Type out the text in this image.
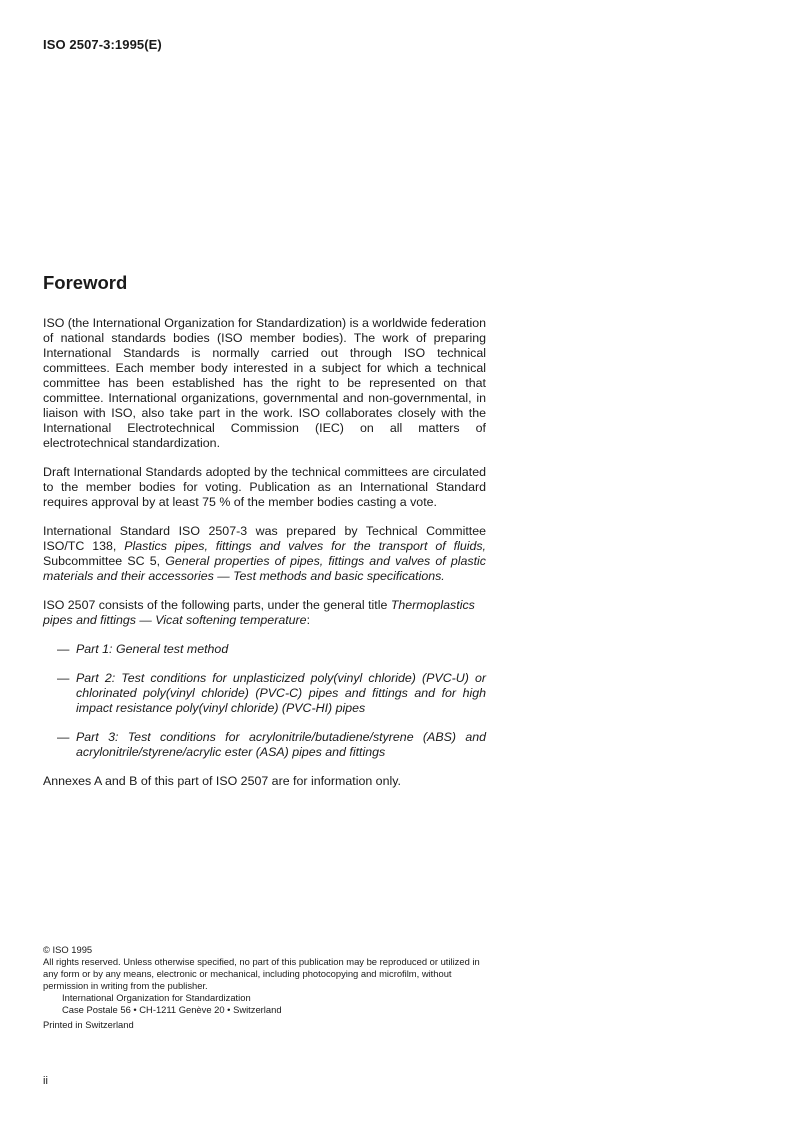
ISO 2507-3:1995(E)
Foreword

ISO (the International Organization for Standardization) is a worldwide federation of national standards bodies (ISO member bodies). The work of preparing International Standards is normally carried out through ISO technical committees. Each member body interested in a subject for which a technical committee has been established has the right to be represented on that committee. International organizations, governmental and non-governmental, in liaison with ISO, also take part in the work. ISO collaborates closely with the International Electrotechnical Commission (IEC) on all matters of electrotechnical standardization.

Draft International Standards adopted by the technical committees are circulated to the member bodies for voting. Publication as an International Standard requires approval by at least 75 % of the member bodies casting a vote.

International Standard ISO 2507-3 was prepared by Technical Committee ISO/TC 138, Plastics pipes, fittings and valves for the transport of fluids, Subcommittee SC 5, General properties of pipes, fittings and valves of plastic materials and their accessories — Test methods and basic specifications.

ISO 2507 consists of the following parts, under the general title Thermoplastics pipes and fittings — Vicat softening temperature:

— Part 1: General test method
— Part 2: Test conditions for unplasticized poly(vinyl chloride) (PVC-U) or chlorinated poly(vinyl chloride) (PVC-C) pipes and fittings and for high impact resistance poly(vinyl chloride) (PVC-HI) pipes
— Part 3: Test conditions for acrylonitrile/butadiene/styrene (ABS) and acrylonitrile/styrene/acrylic ester (ASA) pipes and fittings

Annexes A and B of this part of ISO 2507 are for information only.

© ISO 1995
All rights reserved. Unless otherwise specified, no part of this publication may be reproduced or utilized in any form or by any means, electronic or mechanical, including photocopying and microfilm, without permission in writing from the publisher.
International Organization for Standardization
Case Postale 56 • CH-1211 Genève 20 • Switzerland
Printed in Switzerland
ii
